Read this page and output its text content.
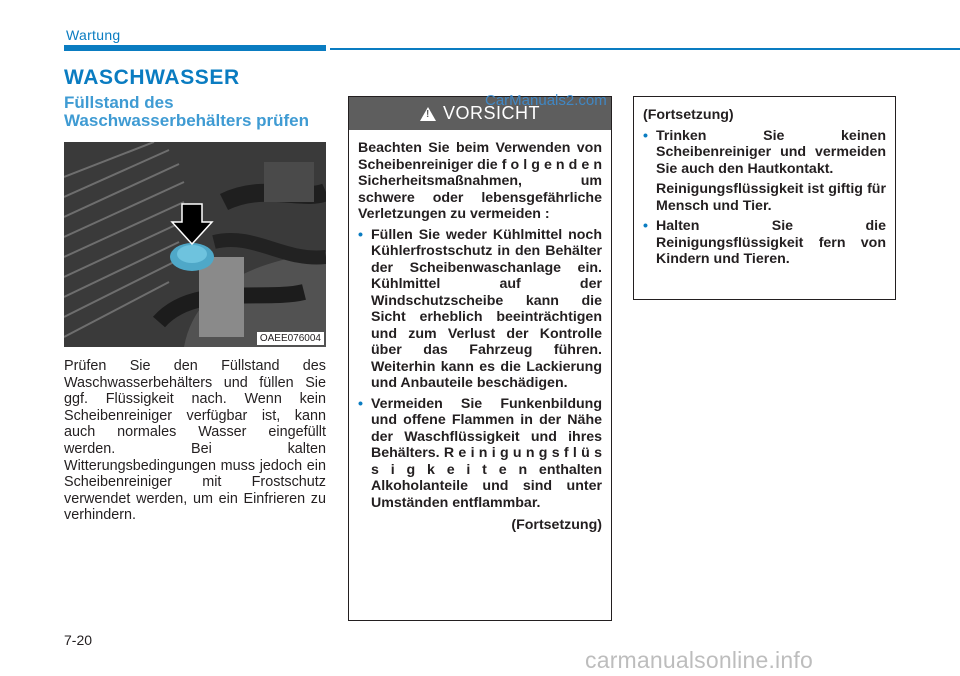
Wartung
WASCHWASSER
Füllstand des Waschwasserbehälters prüfen
OAEE076004

Prüfen Sie den Füllstand des Waschwasserbehälters und füllen Sie ggf. Flüssigkeit nach. Wenn kein Scheibenreiniger verfügbar ist, kann auch normales Wasser eingefüllt werden. Bei kalten Witterungsbedingungen muss jedoch ein Scheibenreiniger mit Frostschutz verwendet werden, um ein Einfrieren zu verhindern.

! VORSICHT

Beachten Sie beim Verwenden von Scheibenreiniger die f o l g e n d e n Sicherheitsmaßnahmen, um schwere oder lebensgefährliche Verletzungen zu vermeiden :

• Füllen Sie weder Kühlmittel noch Kühlerfrostschutz in den Behälter der Scheibenwaschanlage ein. Kühlmittel auf der Windschutzscheibe kann die Sicht erheblich beeinträchtigen und zum Verlust der Kontrolle über das Fahrzeug führen. Weiterhin kann es die Lackierung und Anbauteile beschädigen.
• Vermeiden Sie Funkenbildung und offene Flammen in der Nähe der Waschflüssigkeit und ihres Behälters. R e i n i g u n g s f l ü s s i g k e i t e n enthalten Alkoholanteile und sind unter Umständen entflammbar.
(Fortsetzung)
CarManuals2.com

(Fortsetzung)

• Trinken Sie keinen Scheibenreiniger und vermeiden Sie auch den Hautkontakt.

Reinigungsflüssigkeit ist giftig für Mensch und Tier.

• Halten Sie die Reinigungsflüssigkeit fern von Kindern und Tieren.
7-20
carmanualsonline.info
